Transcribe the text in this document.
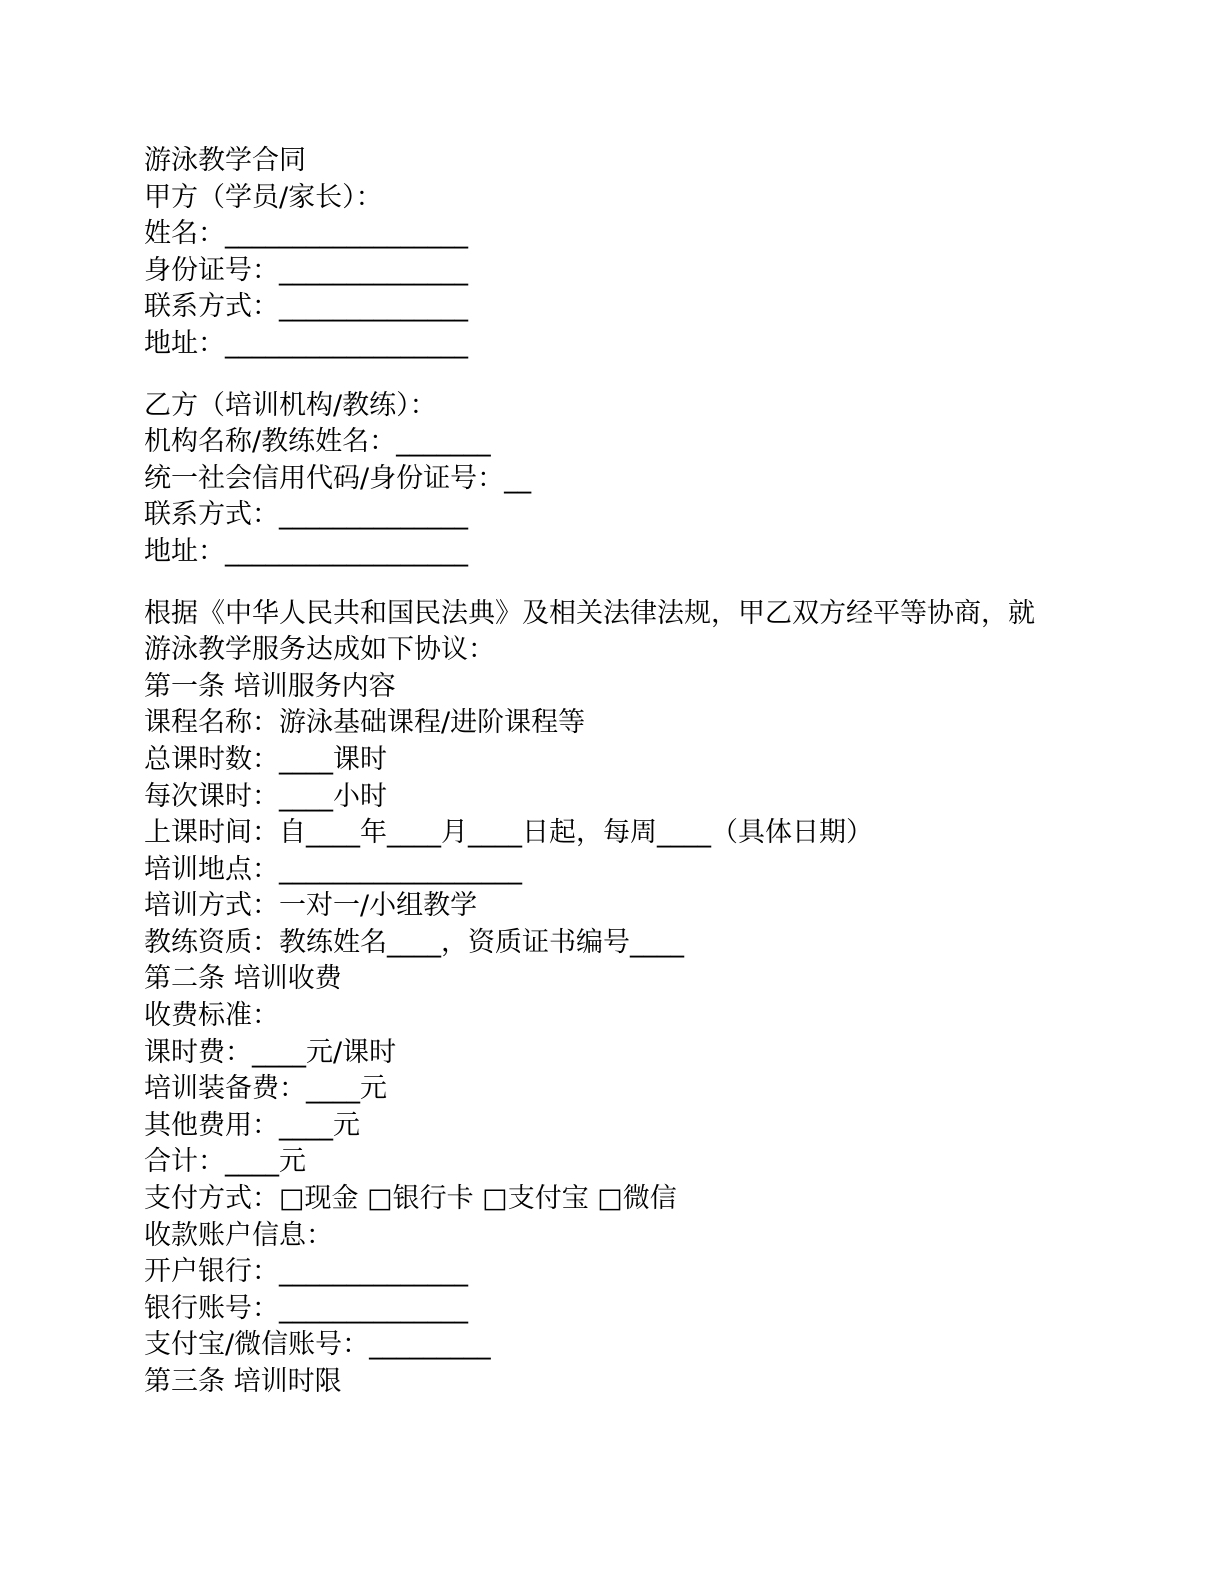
游泳教学合同
甲方（学员/家长）：
姓名：__________________
身份证号：______________
联系方式：______________
地址：__________________
乙方（培训机构/教练）：
机构名称/教练姓名：_______
统一社会信用代码/身份证号：__
联系方式：______________
地址：__________________
根据《中华人民共和国民法典》及相关法律法规，甲乙双方经平等协商，就
游泳教学服务达成如下协议：
第一条 培训服务内容
课程名称：游泳基础课程/进阶课程等
总课时数：____课时
每次课时：____小时
上课时间：自____年____月____日起，每周____（具体日期）
培训地点：__________________
培训方式：一对一/小组教学
教练资质：教练姓名____，资质证书编号____
第二条 培训收费
收费标准：
课时费：____元/课时
培训装备费：____元
其他费用：____元
合计：____元
支付方式：□现金 □银行卡 □支付宝 □微信
收款账户信息：
开户银行：______________
银行账号：______________
支付宝/微信账号：_________
第三条 培训时限
